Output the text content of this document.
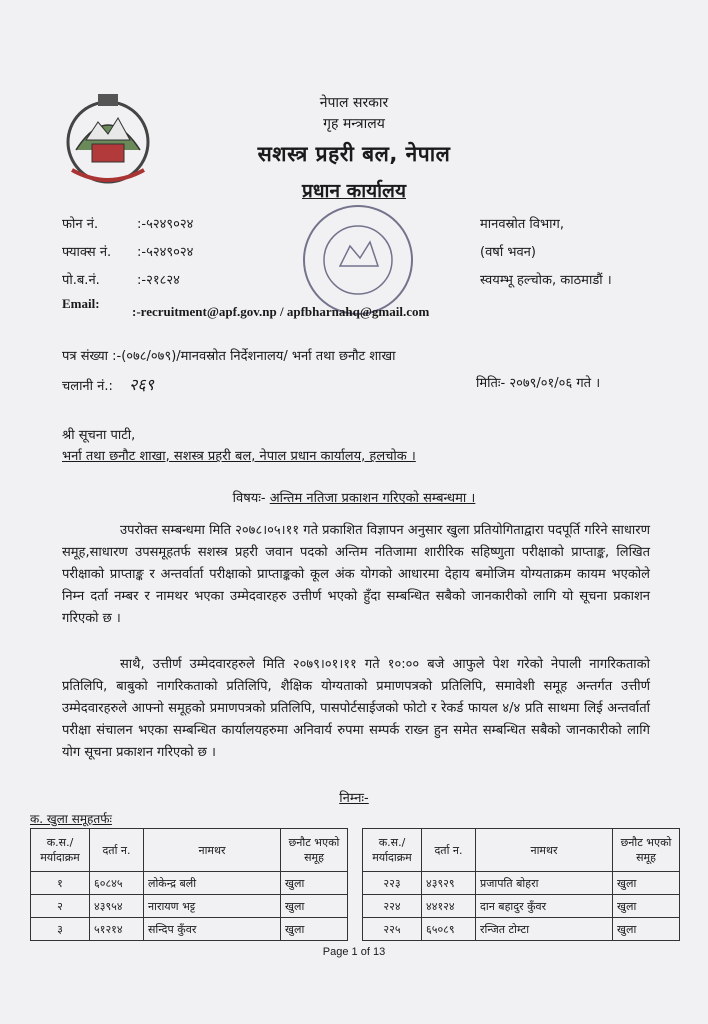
नेपाल सरकार
गृह मन्त्रालय
सशस्त्र प्रहरी बल, नेपाल
प्रधान कार्यालय
फोन नं.	:-५२४९०२४
फ्याक्स नं. :-५२४९०२४
पो.ब.नं.	:-२१८२४
Email:
:-recruitment@apf.gov.np / apfbharnahq@gmail.com
मानवस्रोत विभाग,
(वर्षा भवन)
स्वयम्भू हल्चोक, काठमाडौं ।
पत्र संख्या :-(०७८/०७९)/मानवस्रोत निर्देशनालय/ भर्ना तथा छनौट शाखा
चलानी नं.: २६९	मितिः- २०७९/०१/०६ गते ।
श्री सूचना पाटी,
भर्ना तथा छनौट शाखा, सशस्त्र प्रहरी बल, नेपाल प्रधान कार्यालय, हलचोक ।
विषयः- अन्तिम नतिजा प्रकाशन गरिएको सम्बन्धमा ।
उपरोक्त सम्बन्धमा मिति २०७८।०५।११ गते प्रकाशित विज्ञापन अनुसार खुला प्रतियोगिताद्वारा पदपूर्ति गरिने साधारण समूह,साधारण उपसमूहतर्फ सशस्त्र प्रहरी जवान पदको अन्तिम नतिजामा शारीरिक सहिष्णुता परीक्षाको प्राप्ताङ्क, लिखित परीक्षाको प्राप्ताङ्क र अन्तर्वार्ता परीक्षाको प्राप्ताङ्कको कूल अंक योगको आधारमा देहाय बमोजिम योग्यताक्रम कायम भएकोले निम्न दर्ता नम्बर र नामथर भएका उम्मेदवारहरु उत्तीर्ण भएको हुँदा सम्बन्धित सबैको जानकारीको लागि यो सूचना प्रकाशन गरिएको छ ।
साथै, उत्तीर्ण उम्मेदवारहरुले मिति २०७९।०१।११ गते १०:०० बजे आफुले पेश गरेको नेपाली नागरिकताको प्रतिलिपि, बाबुको नागरिकताको प्रतिलिपि, शैक्षिक योग्यताको प्रमाणपत्रको प्रतिलिपि, समावेशी समूह अन्तर्गत उत्तीर्ण उम्मेदवारहरुले आफ्नो समूहको प्रमाणपत्रको प्रतिलिपि, पासपोर्टसाईजको फोटो र रेकर्ड फायल ४/४ प्रति साथमा लिई अन्तर्वार्ता परीक्षा संचालन भएका सम्बन्धित कार्यालयहरुमा अनिवार्य रुपमा सम्पर्क राख्न हुन समेत सम्बन्धित सबैको जानकारीको लागि योग सूचना प्रकाशन गरिएको छ ।
निम्नः-
क. खुला समूहतर्फः
क.स./ मर्यादाक्रम	दर्ता न.	नामथर	छनौट भएको समूह
१	६०८४५	लोकेन्द्र बली	खुला
२	४३९५४	नारायण भट्ट	खुला
३	५१२१४	सन्दिप कुँवर	खुला
क.स./ मर्यादाक्रम	दर्ता न.	नामथर	छनौट भएको समूह
२२३	४३९२९	प्रजापति बोहरा	खुला
२२४	४४१२४	दान बहादुर कुँवर	खुला
२२५	६५०८९	रन्जित टोम्टा	खुला
Page 1 of 13
